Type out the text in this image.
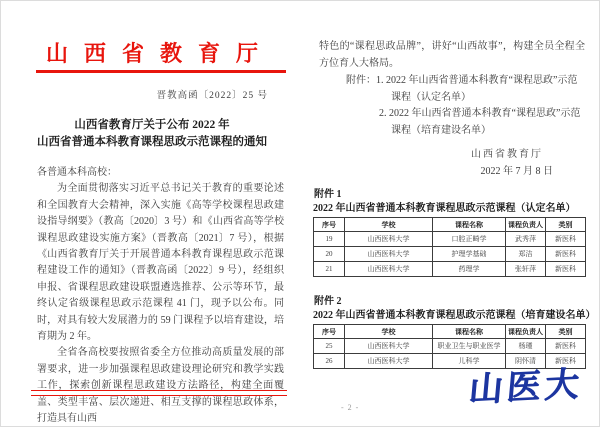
山西省教育厅
晋教高函〔2022〕25 号
山西省教育厅关于公布 2022 年
山西省普通本科教育课程思政示范课程的通知

各普通本科高校：

为全面贯彻落实习近平总书记关于教育的重要论述和全国教育大会精神，深入实施《高等学校课程思政建设指导纲要》（教高〔2020〕3 号）和《山西省高等学校课程思政建设实施方案》（晋教高〔2021〕7 号），根据《山西省教育厅关于开展普通本科教育课程思政示范课程建设工作的通知》（晋教高函〔2022〕9 号），经组织申报、省课程思政建设联盟遴选推荐、公示等环节，最终认定省级课程思政示范课程 41 门，现予以公布。同时，对具有较大发展潜力的 59 门课程予以培育建设，培育期为 2 年。

全省各高校要按照省委全方位推动高质量发展的部署要求，进一步加强课程思政建设理论研究和教学实践工作，探索创新课程思政建设方法路径，构建全面覆盖、类型丰富、层次递进、相互支撑的课程思政体系，打造具有山西

特色的“课程思政品牌”，讲好“山西故事”，构建全员全程全方位育人大格局。
附件：1. 2022 年山西省普通本科教育“课程思政”示范
课程（认定名单）
2. 2022 年山西省普通本科教育“课程思政”示范
课程（培育建设名单）
山西省教育厅
2022 年 7 月 8 日
附件 1
2022 年山西省普通本科教育课程思政示范课程（认定名单）
序号	学校	课程名称	课程负责人	类别
19	山西医科大学	口腔正畸学	武秀萍	新医科
20	山西医科大学	护理学基础	郑洁	新医科
21	山西医科大学	药理学	张轩萍	新医科
附件 2
2022 年山西省普通本科教育课程思政示范课程（培育建设名单）
序号	学校	课程名称	课程负责人	类别
25	山西医科大学	职业卫生与职业医学	杨瑾	新医科
26	山西医科大学	儿科学	阴怀清	新医科
- 2 -	山医大
